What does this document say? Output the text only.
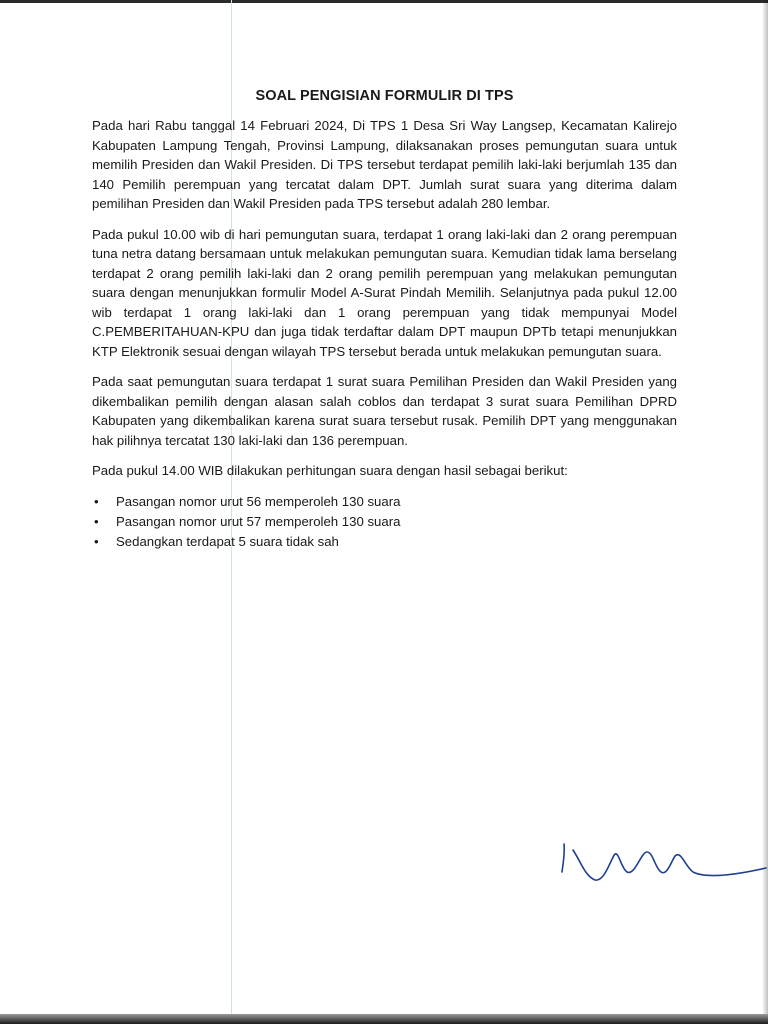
SOAL PENGISIAN FORMULIR DI TPS

Pada hari Rabu tanggal 14 Februari 2024, Di TPS 1 Desa Sri Way Langsep, Kecamatan Kalirejo Kabupaten Lampung Tengah, Provinsi Lampung, dilaksanakan proses pemungutan suara untuk memilih Presiden dan Wakil Presiden. Di TPS tersebut terdapat pemilih laki-laki berjumlah 135 dan 140 Pemilih perempuan yang tercatat dalam DPT. Jumlah surat suara yang diterima dalam pemilihan Presiden dan Wakil Presiden pada TPS tersebut adalah 280 lembar.

Pada pukul 10.00 wib di hari pemungutan suara, terdapat 1 orang laki-laki dan 2 orang perempuan tuna netra datang bersamaan untuk melakukan pemungutan suara. Kemudian tidak lama berselang terdapat 2 orang pemilih laki-laki dan 2 orang pemilih perempuan yang melakukan pemungutan suara dengan menunjukkan formulir Model A-Surat Pindah Memilih. Selanjutnya pada pukul 12.00 wib terdapat 1 orang laki-laki dan 1 orang perempuan yang tidak mempunyai Model C.PEMBERITAHUAN-KPU dan juga tidak terdaftar dalam DPT maupun DPTb tetapi menunjukkan KTP Elektronik sesuai dengan wilayah TPS tersebut berada untuk melakukan pemungutan suara.

Pada saat pemungutan suara terdapat 1 surat suara Pemilihan Presiden dan Wakil Presiden yang dikembalikan pemilih dengan alasan salah coblos dan terdapat 3 surat suara Pemilihan DPRD Kabupaten yang dikembalikan karena surat suara tersebut rusak. Pemilih DPT yang menggunakan hak pilihnya tercatat 130 laki-laki dan 136 perempuan.

Pada pukul 14.00 WIB dilakukan perhitungan suara dengan hasil sebagai berikut:

• Pasangan nomor urut 56 memperoleh 130 suara
• Pasangan nomor urut 57 memperoleh 130 suara
• Sedangkan terdapat 5 suara tidak sah
